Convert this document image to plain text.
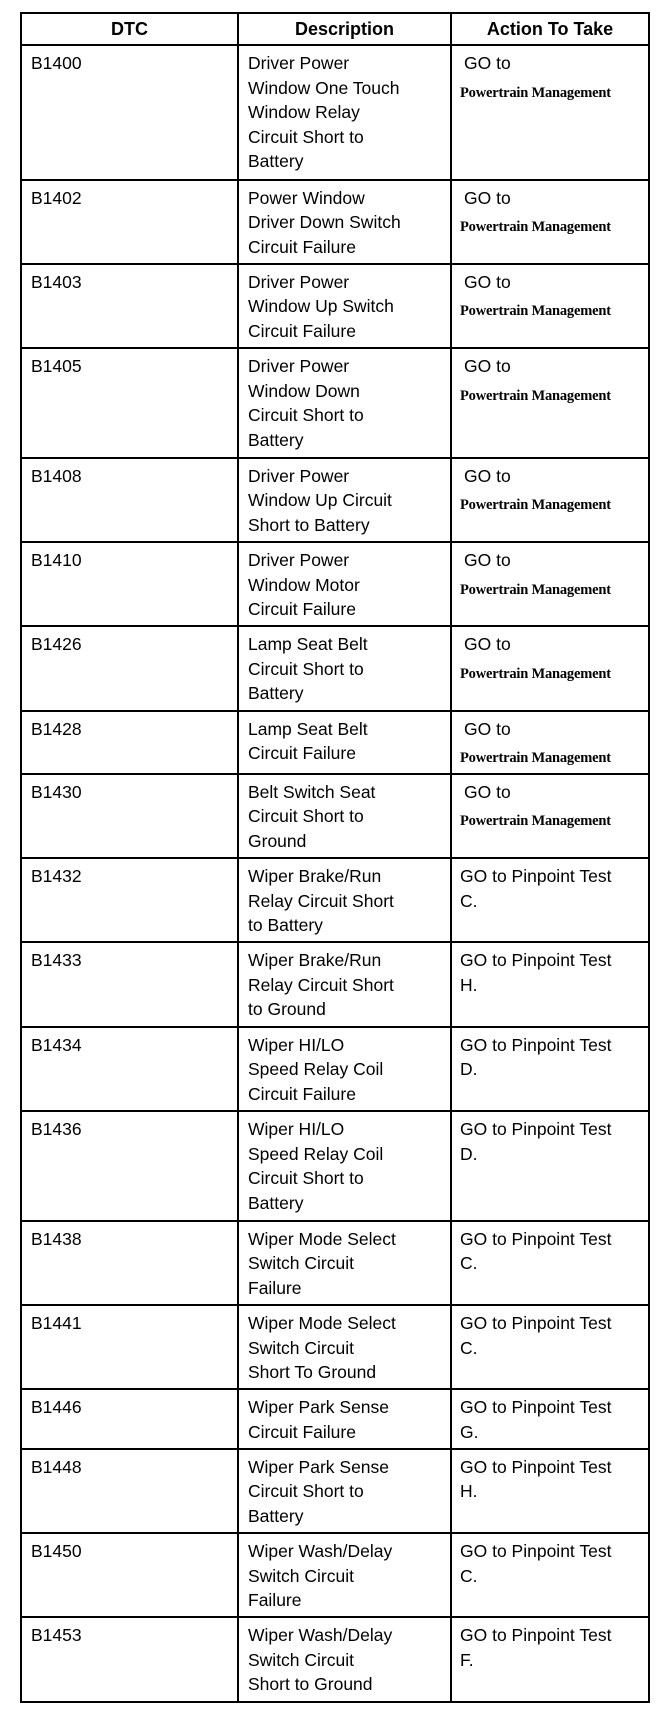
DTC	Description	Action To Take
B1400	Driver Power
Window One Touch
Window Relay
Circuit Short to
Battery	GO to
Powertrain Management

B1402	Power Window
Driver Down Switch
Circuit Failure	GO to
Powertrain Management

B1403	Driver Power
Window Up Switch
Circuit Failure	GO to
Powertrain Management

B1405	Driver Power
Window Down
Circuit Short to
Battery	GO to
Powertrain Management

B1408	Driver Power
Window Up Circuit
Short to Battery	GO to
Powertrain Management

B1410	Driver Power
Window Motor
Circuit Failure	GO to
Powertrain Management

B1426	Lamp Seat Belt
Circuit Short to
Battery	GO to
Powertrain Management

B1428	Lamp Seat Belt
Circuit Failure	GO to
Powertrain Management

B1430	Belt Switch Seat
Circuit Short to
Ground	GO to
Powertrain Management

B1432	Wiper Brake/Run
Relay Circuit Short
to Battery	GO to Pinpoint Test
C.

B1433	Wiper Brake/Run
Relay Circuit Short
to Ground	GO to Pinpoint Test
H.

B1434	Wiper HI/LO
Speed Relay Coil
Circuit Failure	GO to Pinpoint Test
D.

B1436	Wiper HI/LO
Speed Relay Coil
Circuit Short to
Battery	GO to Pinpoint Test
D.

B1438	Wiper Mode Select
Switch Circuit
Failure	GO to Pinpoint Test
C.

B1441	Wiper Mode Select
Switch Circuit
Short To Ground	GO to Pinpoint Test
C.

B1446	Wiper Park Sense
Circuit Failure	GO to Pinpoint Test
G.

B1448	Wiper Park Sense
Circuit Short to
Battery	GO to Pinpoint Test
H.

B1450	Wiper Wash/Delay
Switch Circuit
Failure	GO to Pinpoint Test
C.

B1453	Wiper Wash/Delay
Switch Circuit
Short to Ground	GO to Pinpoint Test
F.
